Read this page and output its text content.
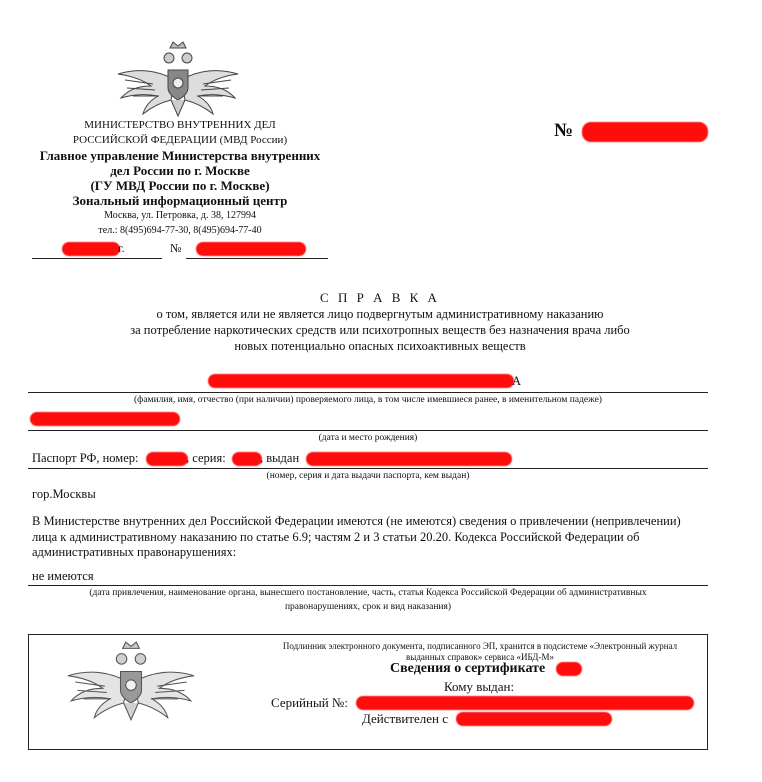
МИНИСТЕРСТВО ВНУТРЕННИХ ДЕЛ
РОССИЙСКОЙ ФЕДЕРАЦИИ (МВД России)
Главное управление Министерства внутренних
дел России по г. Москве
(ГУ МВД России по г. Москве)
Зональный информационный центр
Москва, ул. Петровка, д. 38, 127994
тел.: 8(495)694-77-30, 8(495)694-77-40
г.	№
№
С П Р А В К А
о том, является или не является лицо подвергнутым административному наказанию
за потребление наркотических средств или психотропных веществ без назначения врача либо
новых потенциально опасных психоактивных веществ
А
(фамилия, имя, отчество (при наличии) проверяемого лица, в том числе имевшиеся ранее, в именительном падеже)
(дата и место рождения)
Паспорт РФ, номер:	, серия:	, выдан
(номер, серия и дата выдачи паспорта, кем выдан)
гор.Москвы
В Министерстве внутренних дел Российской Федерации имеются (не имеются) сведения о привлечении (непривлечении) лица к административному наказанию по статье 6.9; частям 2 и 3 статьи 20.20. Кодекса Российской Федерации об административных правонарушениях:
не имеются
(дата привлечения, наименование органа, вынесшего постановление, часть, статья Кодекса Российской Федерации об административных
правонарушениях, срок и вид наказания)
Подлинник электронного документа, подписанного ЭП, хранится в подсистеме «Электронный журнал
выданных справок» сервиса «ИБД-М»
Сведения о сертификате
Кому выдан:
Серийный №:
Действителен с
